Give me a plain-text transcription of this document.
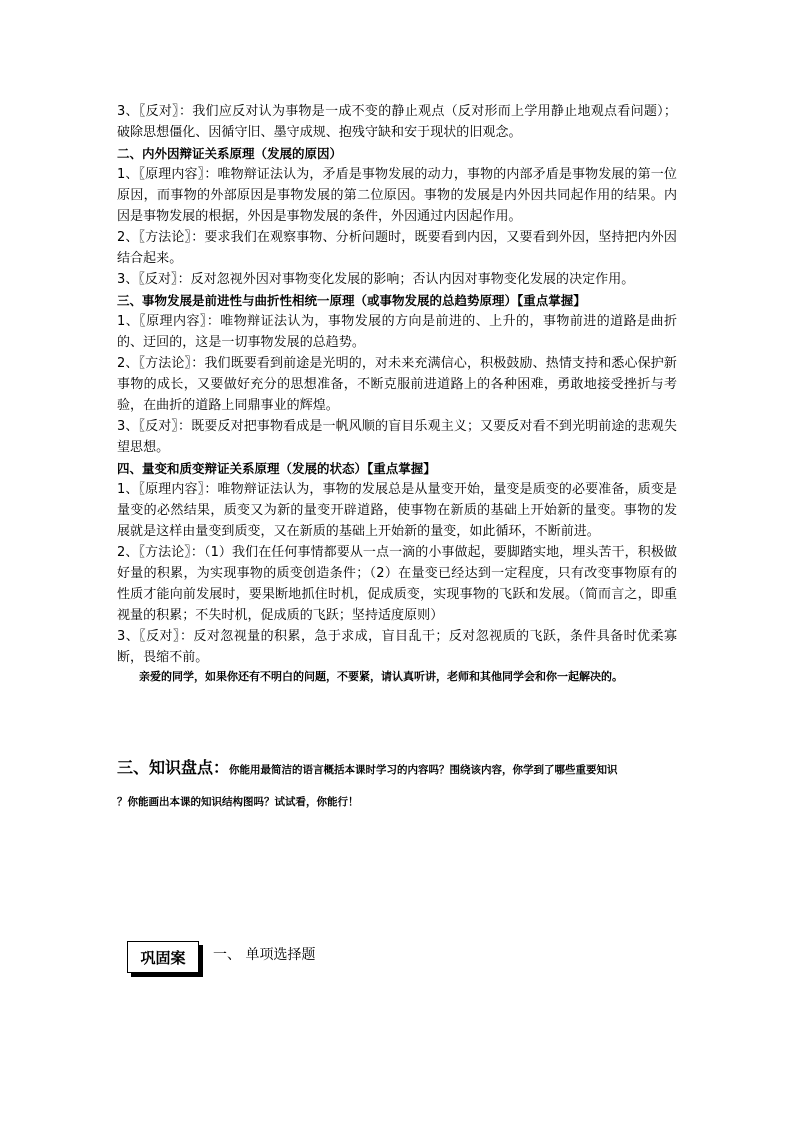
3、〖反对〗：我们应反对认为事物是一成不变的静止观点（反对形而上学用静止地观点看问题）；破除思想僵化、因循守旧、墨守成规、抱残守缺和安于现状的旧观念。

二、内外因辩证关系原理（发展的原因）

1、〖原理内容〗：唯物辩证法认为，矛盾是事物发展的动力，事物的内部矛盾是事物发展的第一位原因，而事物的外部原因是事物发展的第二位原因。事物的发展是内外因共同起作用的结果。内因是事物发展的根据，外因是事物发展的条件，外因通过内因起作用。

2、〖方法论〗：要求我们在观察事物、分析问题时，既要看到内因，又要看到外因，坚持把内外因结合起来。

3、〖反对〗：反对忽视外因对事物变化发展的影响；否认内因对事物变化发展的决定作用。

三、事物发展是前进性与曲折性相统一原理（或事物发展的总趋势原理）【重点掌握】

1、〖原理内容〗：唯物辩证法认为，事物发展的方向是前进的、上升的，事物前进的道路是曲折的、迂回的，这是一切事物发展的总趋势。

2、〖方法论〗：我们既要看到前途是光明的，对未来充满信心，积极鼓励、热情支持和悉心保护新事物的成长，又要做好充分的思想准备，不断克服前进道路上的各种困难，勇敢地接受挫折与考验，在曲折的道路上同鼎事业的辉煌。

3、〖反对〗：既要反对把事物看成是一帆风顺的盲目乐观主义；又要反对看不到光明前途的悲观失望思想。

四、量变和质变辩证关系原理（发展的状态）【重点掌握】

1、〖原理内容〗：唯物辩证法认为，事物的发展总是从量变开始，量变是质变的必要准备，质变是量变的必然结果，质变又为新的量变开辟道路，使事物在新质的基础上开始新的量变。事物的发展就是这样由量变到质变，又在新质的基础上开始新的量变，如此循环，不断前进。

2、〖方法论〗：（1）我们在任何事情都要从一点一滴的小事做起，要脚踏实地，埋头苦干，积极做好量的积累，为实现事物的质变创造条件；（2）在量变已经达到一定程度，只有改变事物原有的性质才能向前发展时，要果断地抓住时机，促成质变，实现事物的飞跃和发展。（简而言之，即重视量的积累；不失时机，促成质的飞跃；坚持适度原则）

3、〖反对〗：反对忽视量的积累，急于求成，盲目乱干；反对忽视质的飞跃，条件具备时优柔寡断，畏缩不前。

亲爱的同学，如果你还有不明白的问题，不要紧，请认真听讲，老师和其他同学会和你一起解决的。

三、知识盘点：你能用最简洁的语言概括本课时学习的内容吗？围绕该内容，你学到了哪些重要知识

？你能画出本课的知识结构图吗？试试看，你能行！

巩固案	一、 单项选择题
